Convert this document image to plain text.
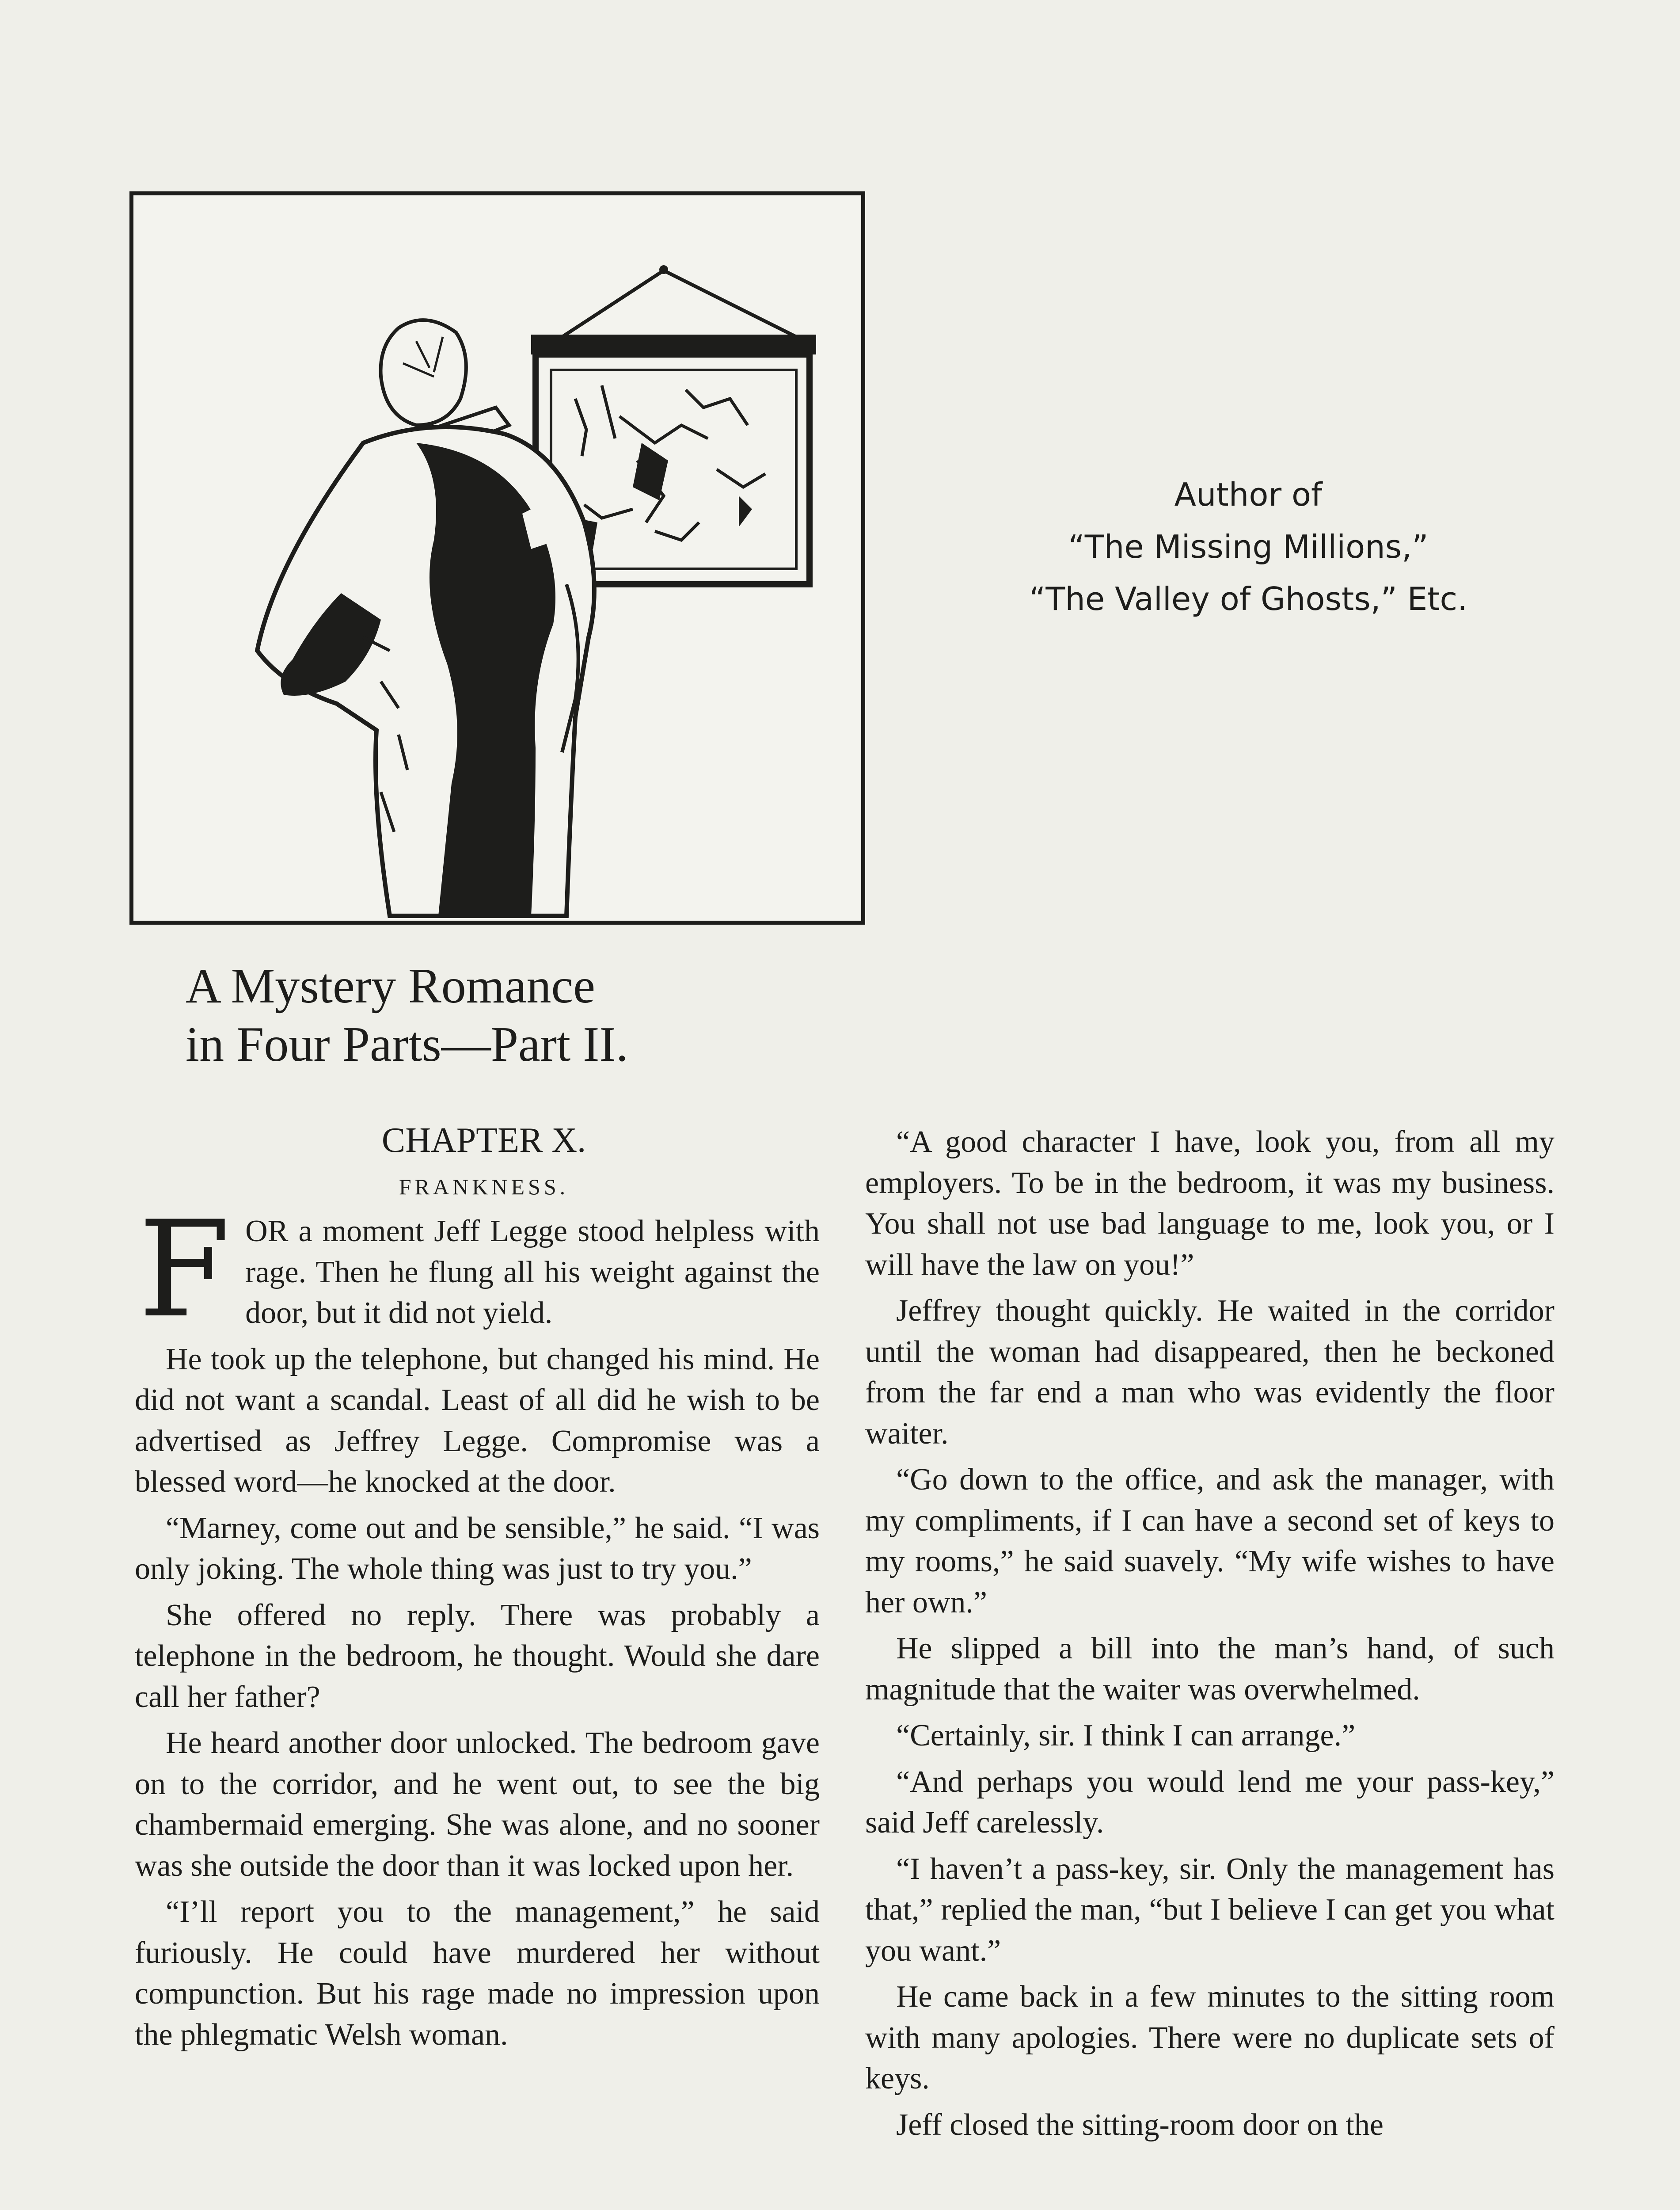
Author of
“The Missing Millions,”
“The Valley of Ghosts,” Etc.
A Mystery Romance
in Four Parts—Part II.
CHAPTER X.
FRANKNESS.

FOR a moment Jeff Legge stood helpless with rage. Then he flung all his weight against the door, but it did not yield.

He took up the telephone, but changed his mind. He did not want a scandal. Least of all did he wish to be advertised as Jeffrey Legge. Compromise was a blessed word—he knocked at the door.

“Marney, come out and be sensible,” he said. “I was only joking. The whole thing was just to try you.”

She offered no reply. There was probably a telephone in the bedroom, he thought. Would she dare call her father?

He heard another door unlocked. The bedroom gave on to the corridor, and he went out, to see the big chambermaid emerging. She was alone, and no sooner was she outside the door than it was locked upon her.

“I’ll report you to the management,” he said furiously. He could have murdered her without compunction. But his rage made no impression upon the phlegmatic Welsh woman.

“A good character I have, look you, from all my employers. To be in the bedroom, it was my business. You shall not use bad language to me, look you, or I will have the law on you!”

Jeffrey thought quickly. He waited in the corridor until the woman had disappeared, then he beckoned from the far end a man who was evidently the floor waiter.

“Go down to the office, and ask the manager, with my compliments, if I can have a second set of keys to my rooms,” he said suavely. “My wife wishes to have her own.”

He slipped a bill into the man’s hand, of such magnitude that the waiter was overwhelmed.

“Certainly, sir. I think I can arrange.”

“And perhaps you would lend me your pass-key,” said Jeff carelessly.

“I haven’t a pass-key, sir. Only the management has that,” replied the man, “but I believe I can get you what you want.”

He came back in a few minutes to the sitting room with many apologies. There were no duplicate sets of keys.

Jeff closed the sitting-room door on the
